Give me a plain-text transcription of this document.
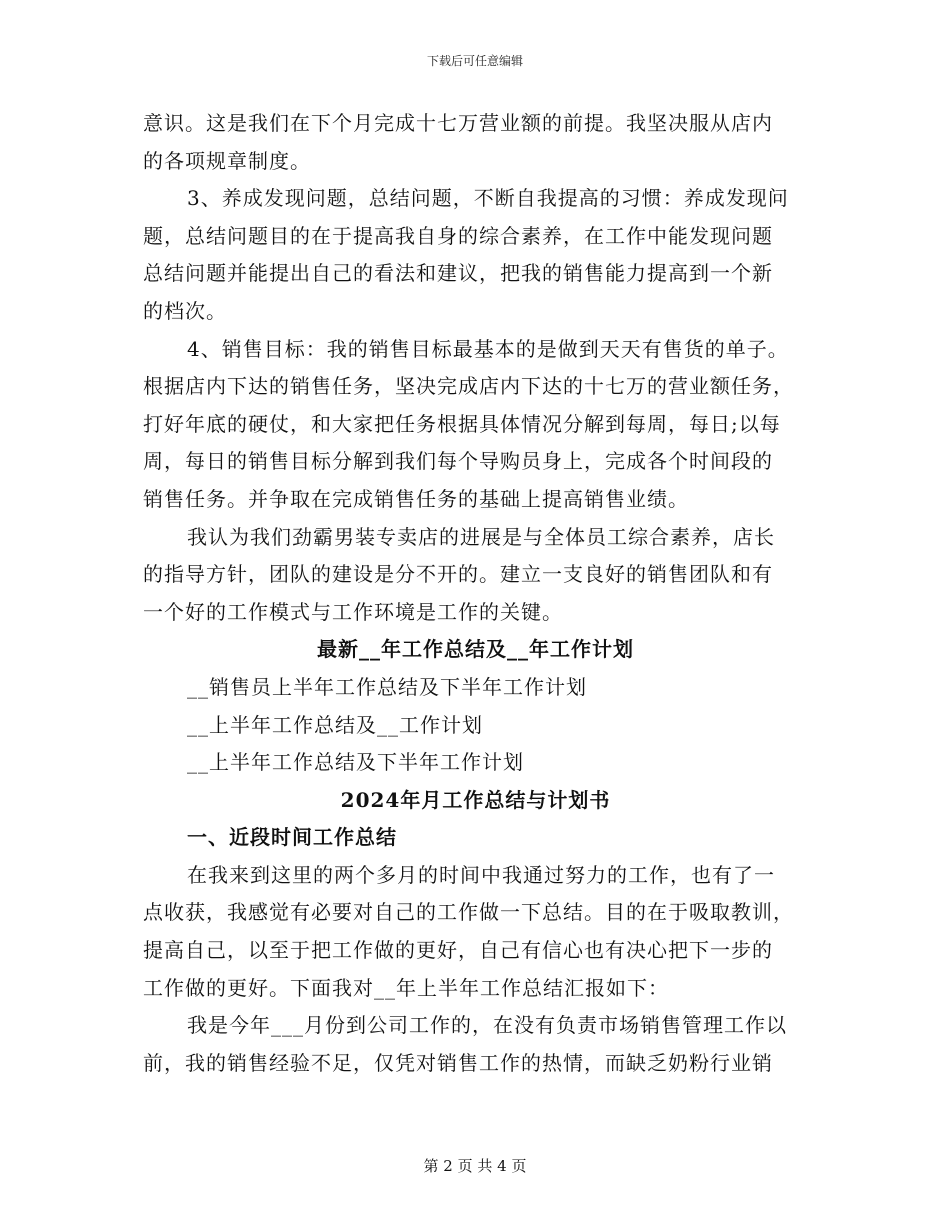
下载后可任意编辑
意识。这是我们在下个月完成十七万营业额的前提。我坚决服从店内
的各项规章制度。
3、养成发现问题，总结问题，不断自我提高的习惯：养成发现问
题，总结问题目的在于提高我自身的综合素养，在工作中能发现问题
总结问题并能提出自己的看法和建议，把我的销售能力提高到一个新
的档次。
4、销售目标：我的销售目标最基本的是做到天天有售货的单子。
根据店内下达的销售任务，坚决完成店内下达的十七万的营业额任务，
打好年底的硬仗，和大家把任务根据具体情况分解到每周，每日;以每
周，每日的销售目标分解到我们每个导购员身上，完成各个时间段的
销售任务。并争取在完成销售任务的基础上提高销售业绩。
我认为我们劲霸男装专卖店的进展是与全体员工综合素养，店长
的指导方针，团队的建设是分不开的。建立一支良好的销售团队和有
一个好的工作模式与工作环境是工作的关键。
最新__年工作总结及__年工作计划
__销售员上半年工作总结及下半年工作计划
__上半年工作总结及__工作计划
__上半年工作总结及下半年工作计划
2024年月工作总结与计划书
一、近段时间工作总结
在我来到这里的两个多月的时间中我通过努力的工作，也有了一
点收获，我感觉有必要对自己的工作做一下总结。目的在于吸取教训，
提高自己，以至于把工作做的更好，自己有信心也有决心把下一步的
工作做的更好。下面我对__年上半年工作总结汇报如下：
我是今年___月份到公司工作的，在没有负责市场销售管理工作以
前，我的销售经验不足，仅凭对销售工作的热情，而缺乏奶粉行业销
第 2 页 共 4 页
